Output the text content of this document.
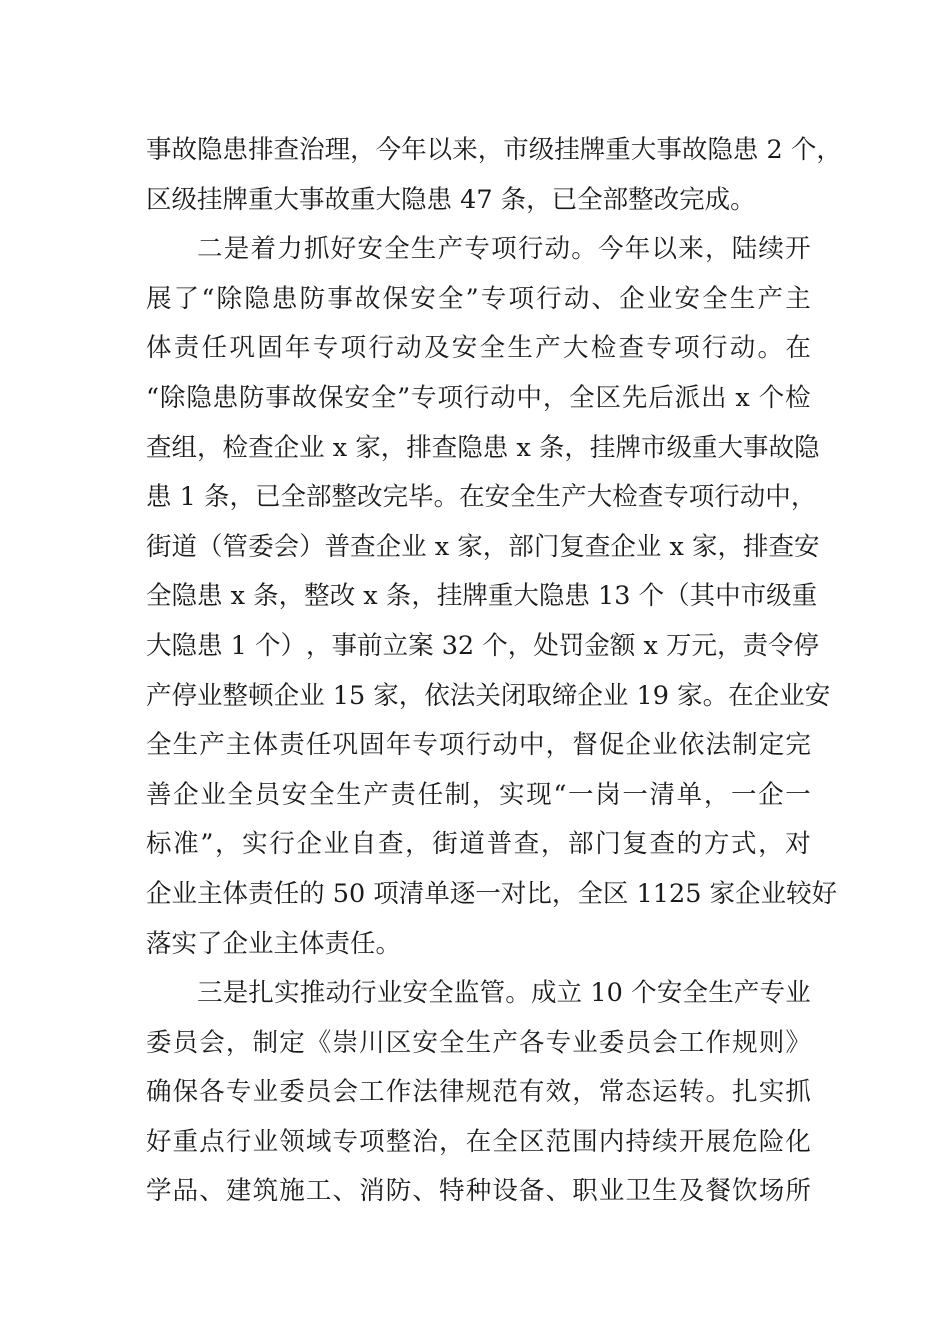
事 故 隐 患 排 查 治 理 ， 今 年 以 来 ， 市 级 挂 牌 重 大 事 故 隐 患 2 个 ，
区级挂牌重大事故重大隐患 47 条，已全部整改完成。
二 是 着 力 抓 好 安 全 生 产 专 项 行 动 。 今 年 以 来 ， 陆 续 开
展 了 “ 除 隐 患 防 事 故 保 安 全 ” 专 项 行 动 、 企 业 安 全 生 产 主
体 责 任 巩 固 年 专 项 行 动 及 安 全 生 产 大 检 查 专 项 行 动 。 在
“ 除 隐 患 防 事 故 保 安 全 ” 专 项 行 动 中 ， 全 区 先 后 派 出 x 个 检
查 组 ， 检 查 企 业 x 家 ， 排 查 隐 患 x 条 ， 挂 牌 市 级 重 大 事 故 隐
患 1 条 ， 已 全 部 整 改 完 毕 。 在 安 全 生 产 大 检 查 专 项 行 动 中 ，
街 道 （ 管 委 会 ） 普 查 企 业 x 家 ， 部 门 复 查 企 业 x 家 ， 排 查 安
全 隐 患 x 条 ， 整 改 x 条 ， 挂 牌 重 大 隐 患 13 个 （ 其 中 市 级 重
大 隐 患 1 个 ） ， 事 前 立 案 32 个 ， 处 罚 金 额 x 万 元 ， 责 令 停
产 停 业 整 顿 企 业 15 家 ， 依 法 关 闭 取 缔 企 业 19 家 。 在 企 业 安
全 生 产 主 体 责 任 巩 固 年 专 项 行 动 中 ， 督 促 企 业 依 法 制 定 完
善 企 业 全 员 安 全 生 产 责 任 制 ， 实 现 “ 一 岗 一 清 单 ， 一 企 一
标 准 ” ， 实 行 企 业 自 查 ， 街 道 普 查 ， 部 门 复 查 的 方 式 ， 对
企 业 主 体 责 任 的 50 项 清 单 逐 一 对 比 ， 全 区 1125 家 企 业 较 好
落实了企业主体责任。
三 是 扎 实 推 动 行 业 安 全 监 管 。 成 立 10 个 安 全 生 产 专 业
委 员 会 ， 制 定 《 崇 川 区 安 全 生 产 各 专 业 委 员 会 工 作 规 则 》
确 保 各 专 业 委 员 会 工 作 法 律 规 范 有 效 ， 常 态 运 转 。 扎 实 抓
好 重 点 行 业 领 域 专 项 整 治 ， 在 全 区 范 围 内 持 续 开 展 危 险 化
学 品 、 建 筑 施 工 、 消 防 、 特 种 设 备 、 职 业 卫 生 及 餐 饮 场 所
